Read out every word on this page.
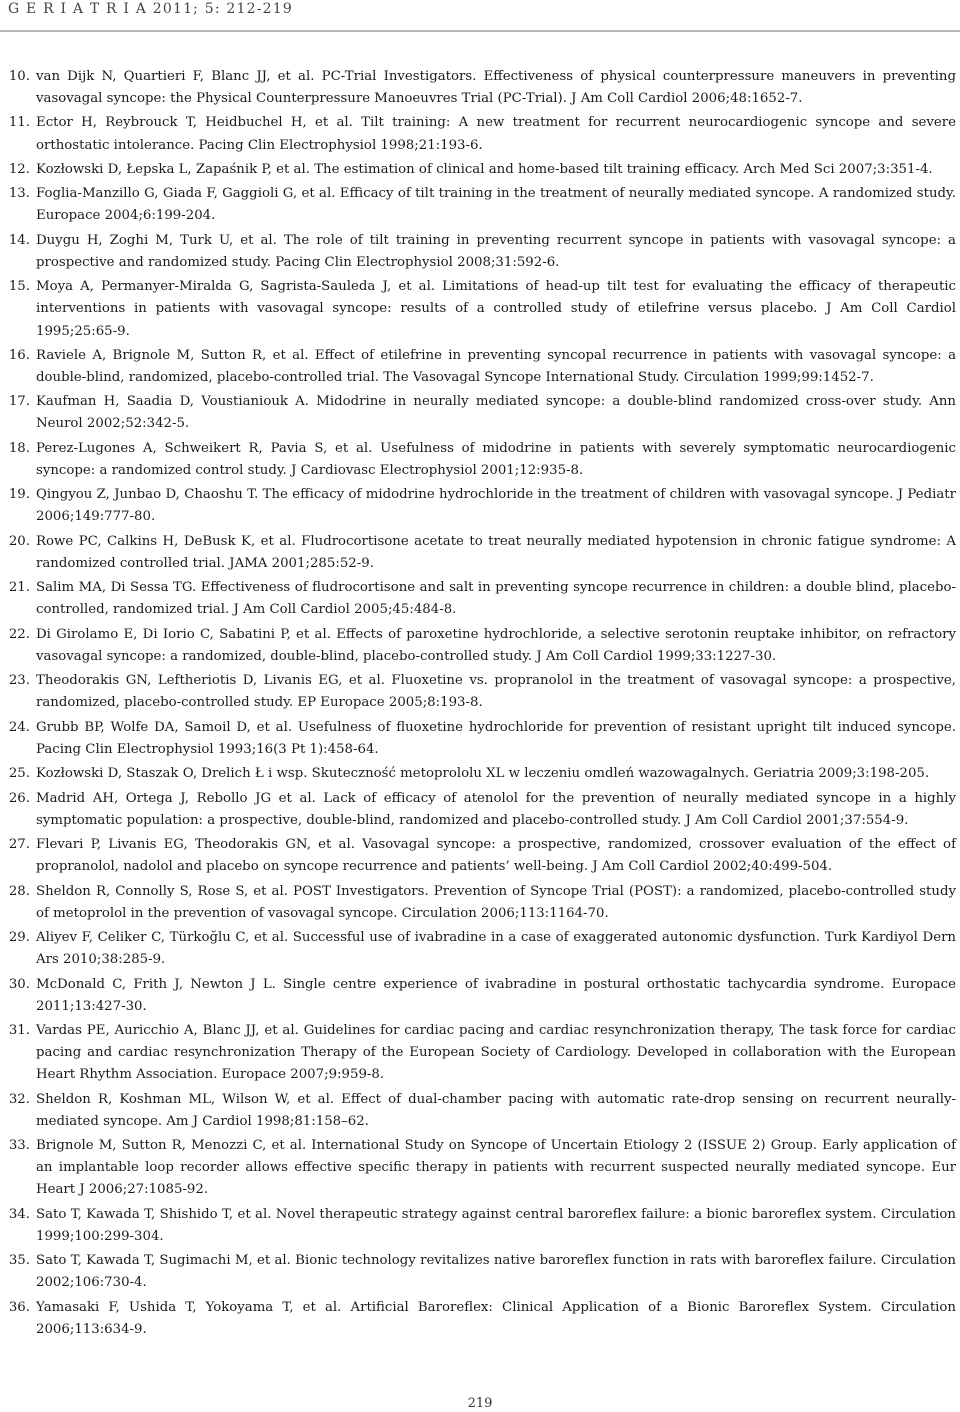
G E R I A T R I A 2011; 5: 212-219
10. van Dijk N, Quartieri F, Blanc JJ, et al. PC-Trial Investigators. Effectiveness of physical counterpressure maneuvers in preventing vasovagal syncope: the Physical Counterpressure Manoeuvres Trial (PC-Trial). J Am Coll Cardiol 2006;48:1652-7.
11. Ector H, Reybrouck T, Heidbuchel H, et al. Tilt training: A new treatment for recurrent neurocardiogenic syncope and severe orthostatic intolerance. Pacing Clin Electrophysiol 1998;21:193-6.
12. Kozłowski D, Łepska L, Zapaśnik P, et al. The estimation of clinical and home-based tilt training efficacy. Arch Med Sci 2007;3:351-4.
13. Foglia-Manzillo G, Giada F, Gaggioli G, et al. Efficacy of tilt training in the treatment of neurally mediated syncope. A randomized study. Europace 2004;6:199-204.
14. Duygu H, Zoghi M, Turk U, et al. The role of tilt training in preventing recurrent syncope in patients with vasovagal syncope: a prospective and randomized study. Pacing Clin Electrophysiol 2008;31:592-6.
15. Moya A, Permanyer-Miralda G, Sagrista-Sauleda J, et al. Limitations of head-up tilt test for evaluating the efficacy of therapeutic interventions in patients with vasovagal syncope: results of a controlled study of etilefrine versus placebo. J Am Coll Cardiol 1995;25:65-9.
16. Raviele A, Brignole M, Sutton R, et al. Effect of etilefrine in preventing syncopal recurrence in patients with vasovagal syncope: a double-blind, randomized, placebo-controlled trial. The Vasovagal Syncope International Study. Circulation 1999;99:1452-7.
17. Kaufman H, Saadia D, Voustianiouk A. Midodrine in neurally mediated syncope: a double-blind randomized cross-over study. Ann Neurol 2002;52:342-5.
18. Perez-Lugones A, Schweikert R, Pavia S, et al. Usefulness of midodrine in patients with severely symptomatic neurocardiogenic syncope: a randomized control study. J Cardiovasc Electrophysiol 2001;12:935-8.
19. Qingyou Z, Junbao D, Chaoshu T. The efficacy of midodrine hydrochloride in the treatment of children with vasovagal syncope. J Pediatr 2006;149:777-80.
20. Rowe PC, Calkins H, DeBusk K, et al. Fludrocortisone acetate to treat neurally mediated hypotension in chronic fatigue syndrome: A randomized controlled trial. JAMA 2001;285:52-9.
21. Salim MA, Di Sessa TG. Effectiveness of fludrocortisone and salt in preventing syncope recurrence in children: a double blind, placebo-controlled, randomized trial. J Am Coll Cardiol 2005;45:484-8.
22. Di Girolamo E, Di Iorio C, Sabatini P, et al. Effects of paroxetine hydrochloride, a selective serotonin reuptake inhibitor, on refractory vasovagal syncope: a randomized, double-blind, placebo-controlled study. J Am Coll Cardiol 1999;33:1227-30.
23. Theodorakis GN, Leftheriotis D, Livanis EG, et al. Fluoxetine vs. propranolol in the treatment of vasovagal syncope: a prospective, randomized, placebo-controlled study. EP Europace 2005;8:193-8.
24. Grubb BP, Wolfe DA, Samoil D, et al. Usefulness of fluoxetine hydrochloride for prevention of resistant upright tilt induced syncope. Pacing Clin Electrophysiol 1993;16(3 Pt 1):458-64.
25. Kozłowski D, Staszak O, Drelich Ł i wsp. Skuteczność metoprololu XL w leczeniu omdleń wazowagalnych. Geriatria 2009;3:198-205.
26. Madrid AH, Ortega J, Rebollo JG et al. Lack of efficacy of atenolol for the prevention of neurally mediated syncope in a highly symptomatic population: a prospective, double-blind, randomized and placebo-controlled study. J Am Coll Cardiol 2001;37:554-9.
27. Flevari P, Livanis EG, Theodorakis GN, et al. Vasovagal syncope: a prospective, randomized, crossover evaluation of the effect of propranolol, nadolol and placebo on syncope recurrence and patients’ well-being. J Am Coll Cardiol 2002;40:499-504.
28. Sheldon R, Connolly S, Rose S, et al. POST Investigators. Prevention of Syncope Trial (POST): a randomized, placebo-controlled study of metoprolol in the prevention of vasovagal syncope. Circulation 2006;113:1164-70.
29. Aliyev F, Celiker C, Türkoğlu C, et al. Successful use of ivabradine in a case of exaggerated autonomic dysfunction. Turk Kardiyol Dern Ars 2010;38:285-9.
30. McDonald C, Frith J, Newton J L. Single centre experience of ivabradine in postural orthostatic tachycardia syndrome. Europace 2011;13:427-30.
31. Vardas PE, Auricchio A, Blanc JJ, et al. Guidelines for cardiac pacing and cardiac resynchronization therapy, The task force for cardiac pacing and cardiac resynchronization Therapy of the European Society of Cardiology. Developed in collaboration with the European Heart Rhythm Association. Europace 2007;9:959-8.
32. Sheldon R, Koshman ML, Wilson W, et al. Effect of dual-chamber pacing with automatic rate-drop sensing on recurrent neurally-mediated syncope. Am J Cardiol 1998;81:158–62.
33. Brignole M, Sutton R, Menozzi C, et al. International Study on Syncope of Uncertain Etiology 2 (ISSUE 2) Group. Early application of an implantable loop recorder allows effective specific therapy in patients with recurrent suspected neurally mediated syncope. Eur Heart J 2006;27:1085-92.
34. Sato T, Kawada T, Shishido T, et al. Novel therapeutic strategy against central baroreflex failure: a bionic baroreflex system. Circulation 1999;100:299-304.
35. Sato T, Kawada T, Sugimachi M, et al. Bionic technology revitalizes native baroreflex function in rats with baroreflex failure. Circulation 2002;106:730-4.
36. Yamasaki F, Ushida T, Yokoyama T, et al. Artificial Baroreflex: Clinical Application of a Bionic Baroreflex System. Circulation 2006;113:634-9.
219
